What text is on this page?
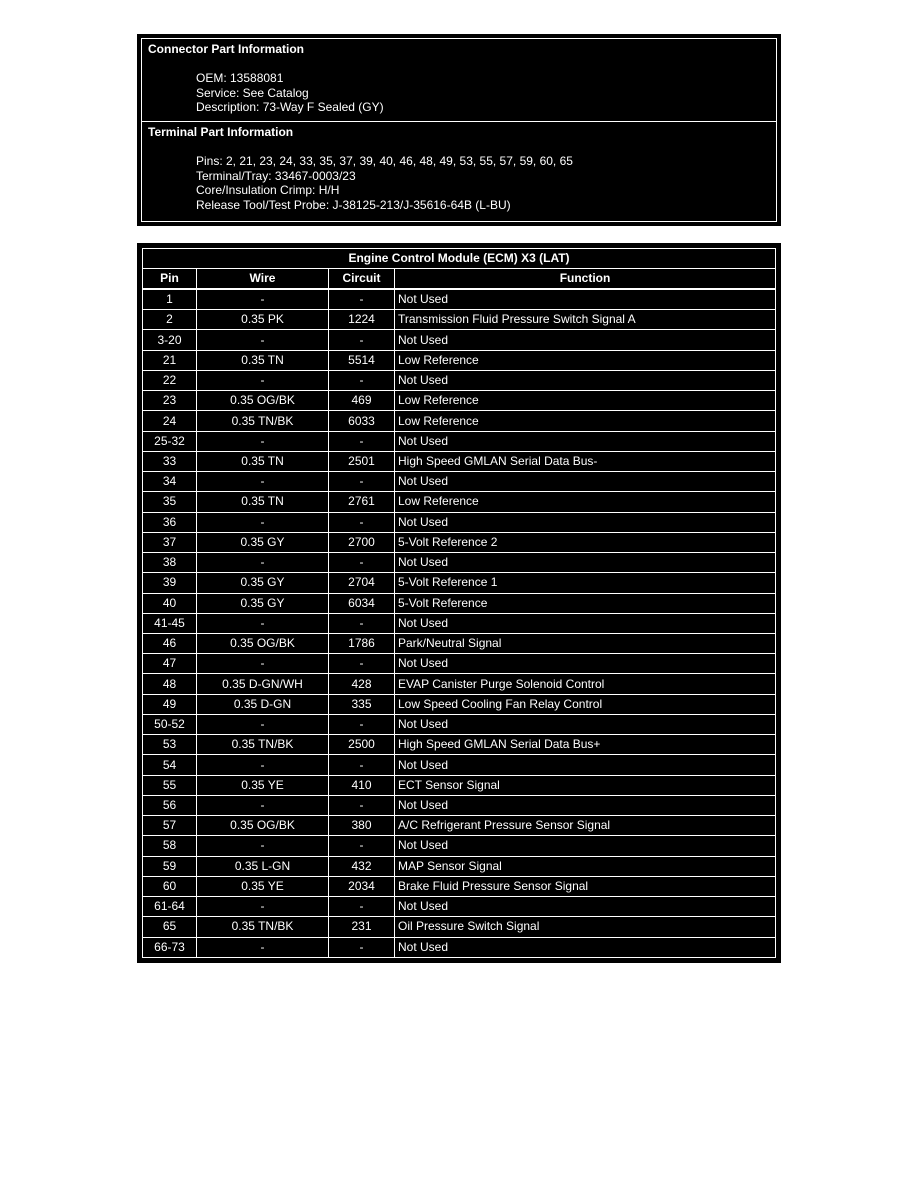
Connector Part Information
OEM: 13588081
Service: See Catalog
Description: 73-Way F Sealed (GY)
Terminal Part Information
Pins: 2, 21, 23, 24, 33, 35, 37, 39, 40, 46, 48, 49, 53, 55, 57, 59, 60, 65
Terminal/Tray: 33467-0003/23
Core/Insulation Crimp: H/H
Release Tool/Test Probe: J-38125-213/J-35616-64B (L-BU)
Engine Control Module (ECM) X3 (LAT)			
Pin	Wire	Circuit	Function
1	-	-	Not Used
2	0.35 PK	1224	Transmission Fluid Pressure Switch Signal A
3-20	-	-	Not Used
21	0.35 TN	5514	Low Reference
22	-	-	Not Used
23	0.35 OG/BK	469	Low Reference
24	0.35 TN/BK	6033	Low Reference
25-32	-	-	Not Used
33	0.35 TN	2501	High Speed GMLAN Serial Data Bus-
34	-	-	Not Used
35	0.35 TN	2761	Low Reference
36	-	-	Not Used
37	0.35 GY	2700	5-Volt Reference 2
38	-	-	Not Used
39	0.35 GY	2704	5-Volt Reference 1
40	0.35 GY	6034	5-Volt Reference
41-45	-	-	Not Used
46	0.35 OG/BK	1786	Park/Neutral Signal
47	-	-	Not Used
48	0.35 D-GN/WH	428	EVAP Canister Purge Solenoid Control
49	0.35 D-GN	335	Low Speed Cooling Fan Relay Control
50-52	-	-	Not Used
53	0.35 TN/BK	2500	High Speed GMLAN Serial Data Bus+
54	-	-	Not Used
55	0.35 YE	410	ECT Sensor Signal
56	-	-	Not Used
57	0.35 OG/BK	380	A/C Refrigerant Pressure Sensor Signal
58	-	-	Not Used
59	0.35 L-GN	432	MAP Sensor Signal
60	0.35 YE	2034	Brake Fluid Pressure Sensor Signal
61-64	-	-	Not Used
65	0.35 TN/BK	231	Oil Pressure Switch Signal
66-73	-	-	Not Used
